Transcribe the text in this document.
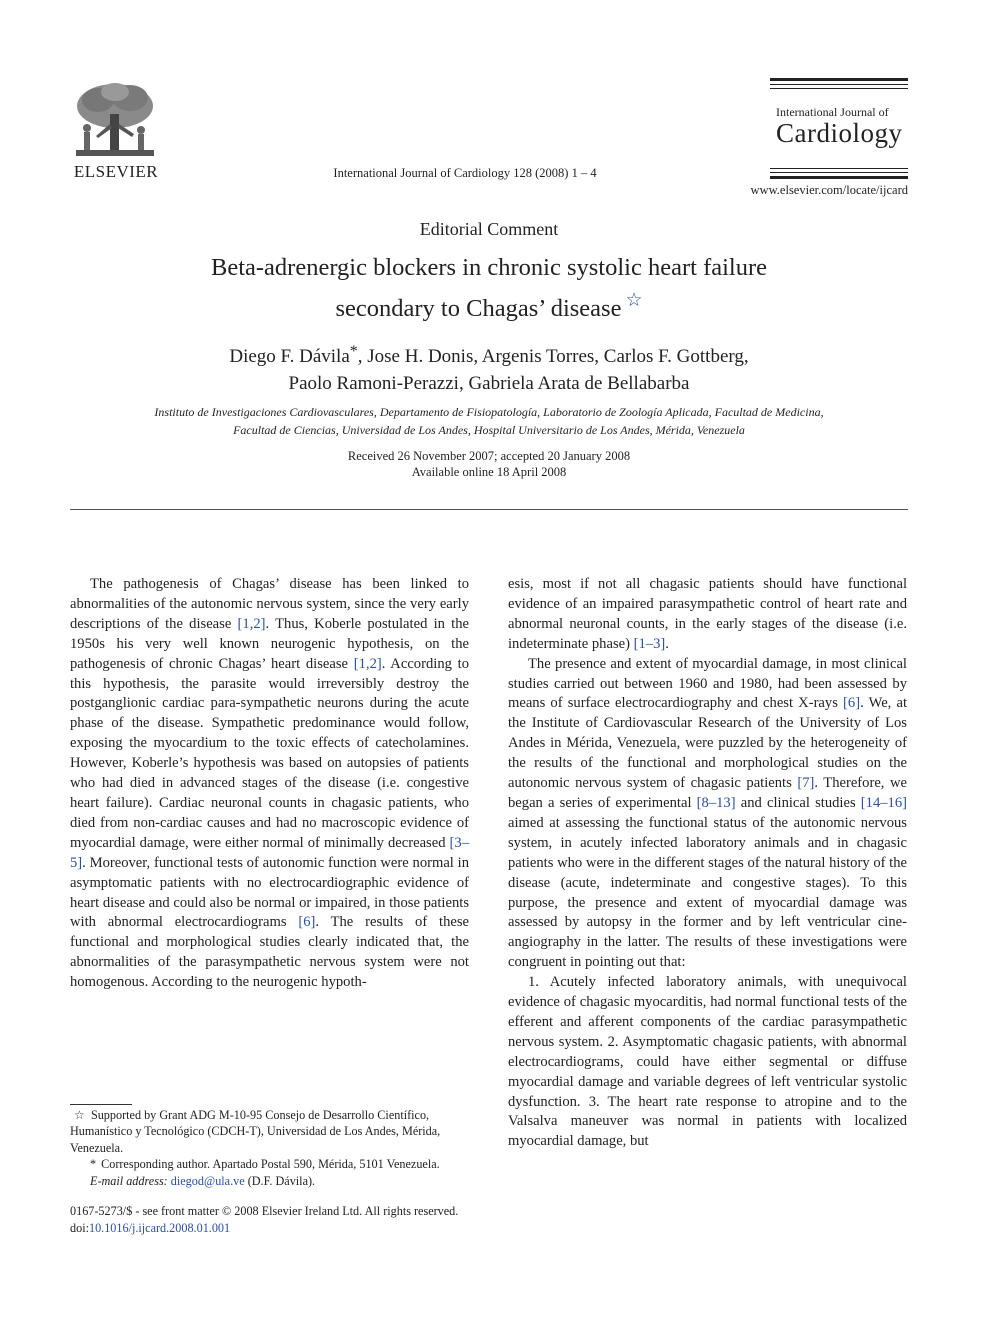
ELSEVIER	International Journal of Cardiology 128 (2008) 1 – 4
International Journal of
Cardiology
www.elsevier.com/locate/ijcard
Editorial Comment
Beta-adrenergic blockers in chronic systolic heart failure
secondary to Chagas’ disease ☆
Diego F. Dávila*, Jose H. Donis, Argenis Torres, Carlos F. Gottberg,
Paolo Ramoni-Perazzi, Gabriela Arata de Bellabarba
Instituto de Investigaciones Cardiovasculares, Departamento de Fisiopatología, Laboratorio de Zoología Aplicada, Facultad de Medicina,
Facultad de Ciencias, Universidad de Los Andes, Hospital Universitario de Los Andes, Mérida, Venezuela
Received 26 November 2007; accepted 20 January 2008
Available online 18 April 2008

The pathogenesis of Chagas’ disease has been linked to abnormalities of the autonomic nervous system, since the very early descriptions of the disease [1,2]. Thus, Koberle postulated in the 1950s his very well known neurogenic hypothesis, on the pathogenesis of chronic Chagas’ heart disease [1,2]. According to this hypothesis, the parasite would irreversibly destroy the postganglionic cardiac para-sympathetic neurons during the acute phase of the disease. Sympathetic predominance would follow, exposing the myocardium to the toxic effects of catecholamines. However, Koberle’s hypothesis was based on autopsies of patients who had died in advanced stages of the disease (i.e. congestive heart failure). Cardiac neuronal counts in chagasic patients, who died from non-cardiac causes and had no macroscopic evidence of myocardial damage, were either normal of minimally decreased [3–5]. Moreover, functional tests of autonomic function were normal in asymptomatic patients with no electrocardiographic evidence of heart disease and could also be normal or impaired, in those patients with abnormal electrocardiograms [6]. The results of these functional and morphological studies clearly indicated that, the abnormalities of the parasympathetic nervous system were not homogenous. According to the neurogenic hypoth-

esis, most if not all chagasic patients should have functional evidence of an impaired parasympathetic control of heart rate and abnormal neuronal counts, in the early stages of the disease (i.e. indeterminate phase) [1–3].

The presence and extent of myocardial damage, in most clinical studies carried out between 1960 and 1980, had been assessed by means of surface electrocardiography and chest X-rays [6]. We, at the Institute of Cardiovascular Research of the University of Los Andes in Mérida, Venezuela, were puzzled by the heterogeneity of the results of the functional and morphological studies on the autonomic nervous system of chagasic patients [7]. Therefore, we began a series of experimental [8–13] and clinical studies [14–16] aimed at assessing the functional status of the autonomic nervous system, in acutely infected laboratory animals and in chagasic patients who were in the different stages of the natural history of the disease (acute, indeterminate and congestive stages). To this purpose, the presence and extent of myocardial damage was assessed by autopsy in the former and by left ventricular cine-angiography in the latter. The results of these investigations were congruent in pointing out that:

1. Acutely infected laboratory animals, with unequivocal evidence of chagasic myocarditis, had normal functional tests of the efferent and afferent components of the cardiac parasympathetic nervous system. 2. Asymptomatic chagasic patients, with abnormal electrocardiograms, could have either segmental or diffuse myocardial damage and variable degrees of left ventricular systolic dysfunction. 3. The heart rate response to atropine and to the Valsalva maneuver was normal in patients with localized myocardial damage, but

☆ Supported by Grant ADG M-10-95 Consejo de Desarrollo Científico,
Humanístico y Tecnológico (CDCH-T), Universidad de Los Andes, Mérida,
Venezuela.

* Corresponding author. Apartado Postal 590, Mérida, 5101 Venezuela.

E-mail address: diegod@ula.ve (D.F. Dávila).

0167-5273/$ - see front matter © 2008 Elsevier Ireland Ltd. All rights reserved.

doi:10.1016/j.ijcard.2008.01.001
